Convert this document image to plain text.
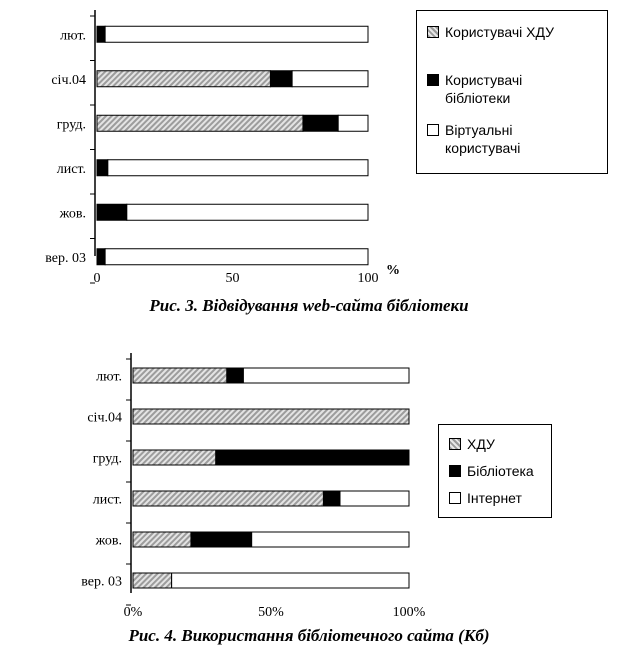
лют.
січ.04
груд.
лист.
жов.
вер. 03
0	50	100
%
лют.
січ.04
груд.
лист.
жов.
вер. 03
0%	50%	100%
Користувачі ХДУ
Користувачі
бібліотеки
Віртуальні
користувачі
Рис. 3. Відвідування web-сайта бібліотеки
ХДУ
Бібліотека
Інтернет
Рис. 4. Використання бібліотечного сайта (Кб)
